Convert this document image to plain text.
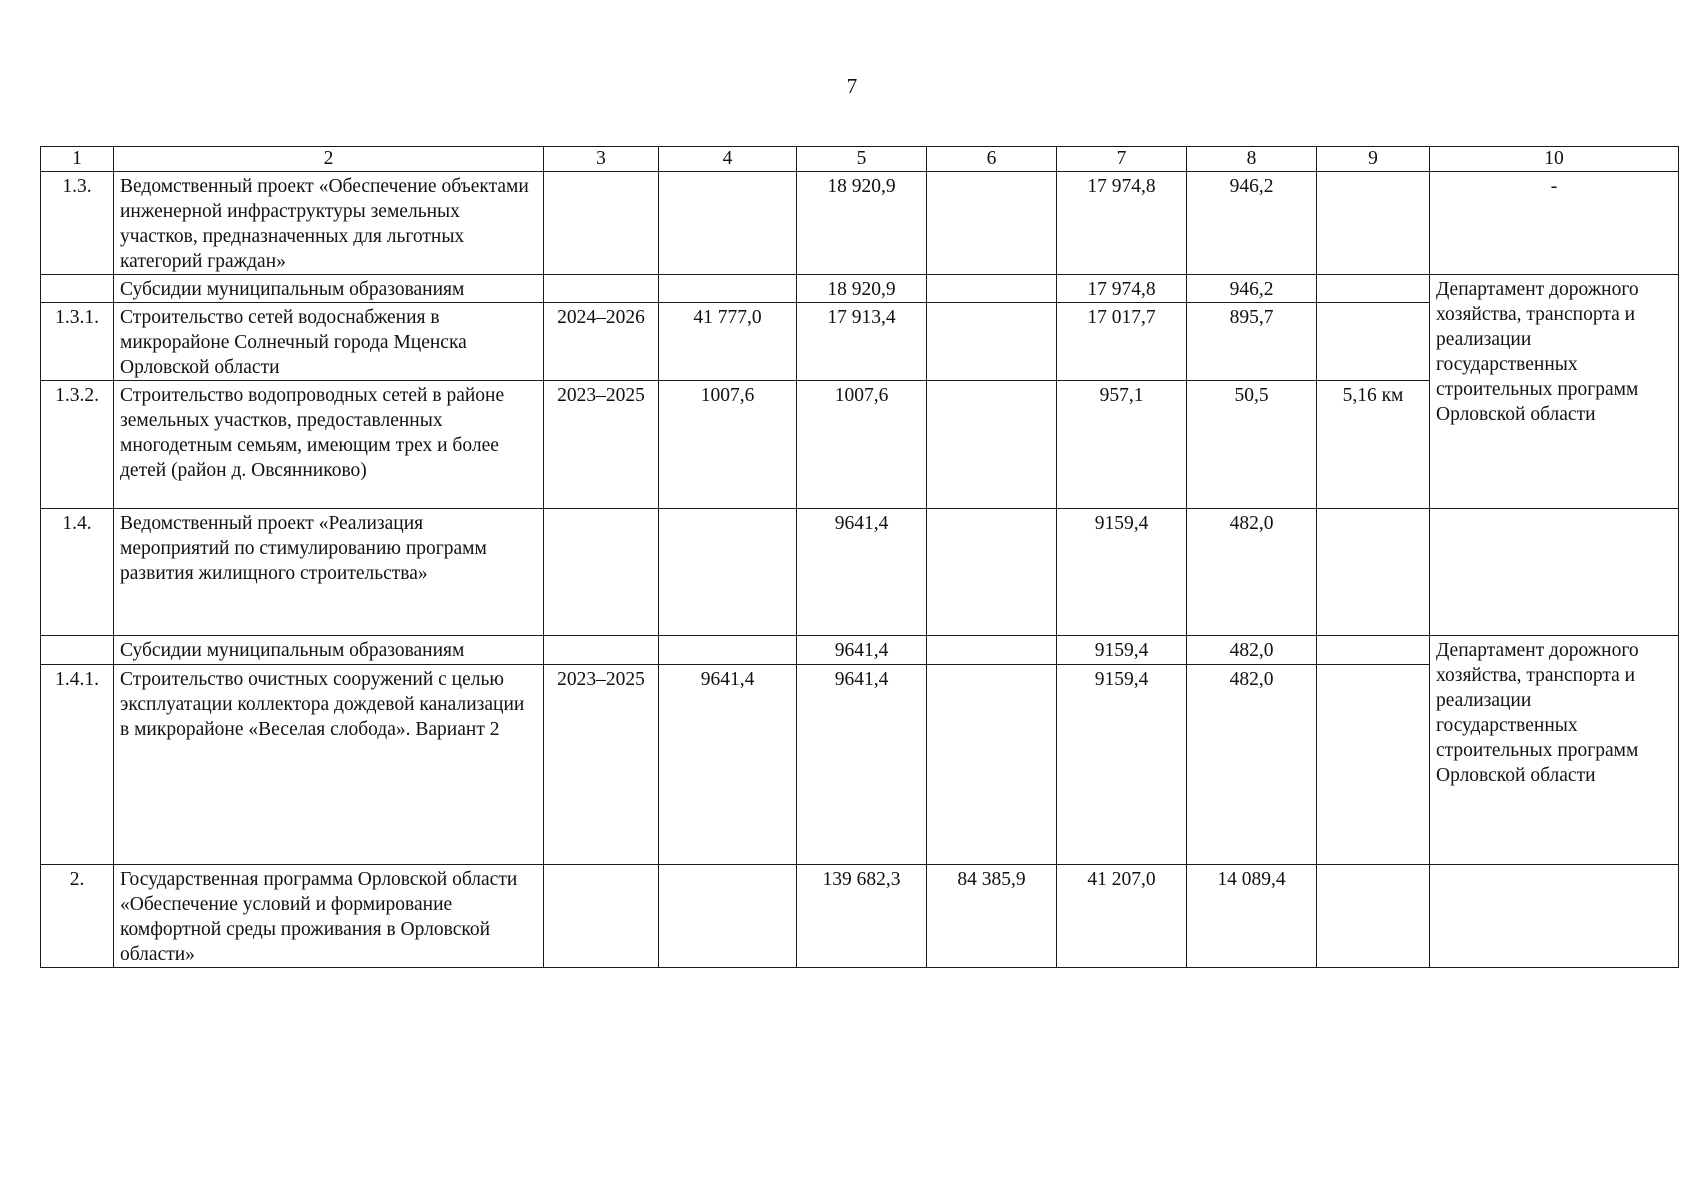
7
1	2	3	4	5	6	7	8	9	10
1.3.	Ведомственный проект «Обеспечение объектами инженерной инфраструктуры земельных участков, предназначенных для льготных категорий граждан»			18 920,9		17 974,8	946,2		-
	Субсидии муниципальным образованиям			18 920,9		17 974,8	946,2		Департамент дорожного хозяйства, транспорта и реализации государственных строительных программ Орловской области
1.3.1.	Строительство сетей водоснабжения в микрорайоне Солнечный города Мценска Орловской области	2024–2026	41 777,0	17 913,4		17 017,7	895,7		
1.3.2.	Строительство водопроводных сетей в районе земельных участков, предоставленных многодетным семьям, имеющим трех и более детей (район д. Овсянниково)	2023–2025	1007,6	1007,6		957,1	50,5	5,16 км	
1.4.	Ведомственный проект «Реализация мероприятий по стимулированию программ развития жилищного строительства»			9641,4		9159,4	482,0		
	Субсидии муниципальным образованиям			9641,4		9159,4	482,0		Департамент дорожного хозяйства, транспорта и реализации государственных строительных программ Орловской области
1.4.1.	Строительство очистных сооружений с целью эксплуатации коллектора дождевой канализации в микрорайоне «Веселая слобода». Вариант 2	2023–2025	9641,4	9641,4		9159,4	482,0		
2.	Государственная программа Орловской области «Обеспечение условий и формирование комфортной среды проживания в Орловской области»			139 682,3	84 385,9	41 207,0	14 089,4		
